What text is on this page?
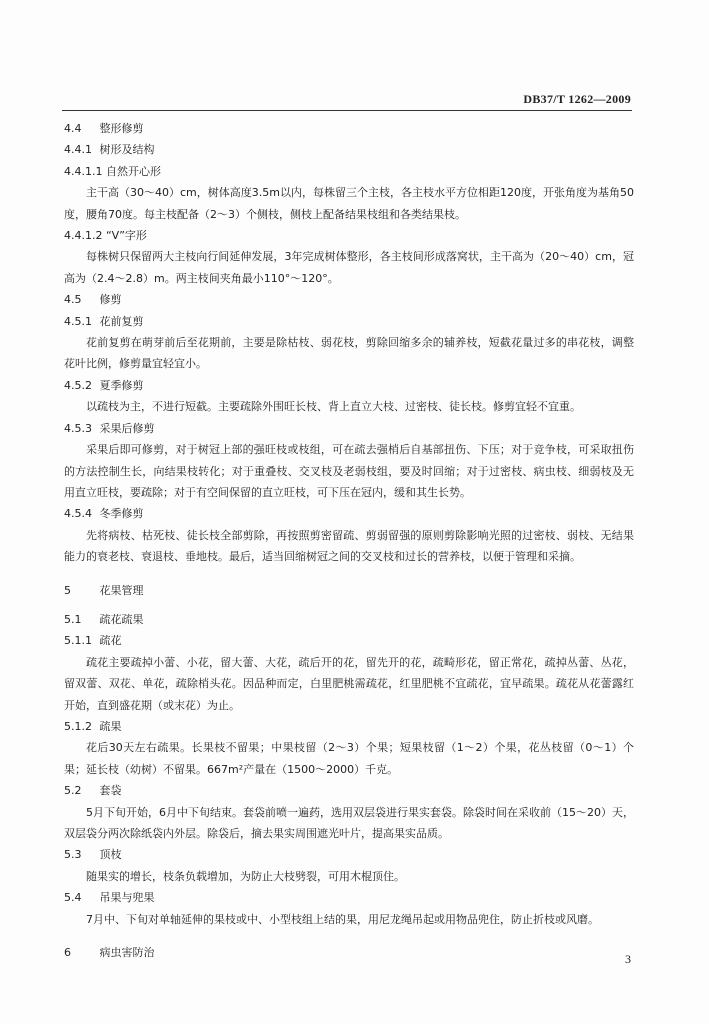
DB37/T 1262—2009
4.4 整形修剪
4.4.1 树形及结构
4.4.1.1 自然开心形
主干高（30～40）cm，树体高度3.5m以内，每株留三个主枝，各主枝水平方位相距120度，开张角度为基角50度，腰角70度。每主枝配备（2～3）个侧枝，侧枝上配备结果枝组和各类结果枝。
4.4.1.2 “V”字形
每株树只保留两大主枝向行间延伸发展，3年完成树体整形，各主枝间形成落窝状，主干高为（20～40）cm，冠高为（2.4～2.8）m。两主枝间夹角最小110°～120°。
4.5 修剪
4.5.1 花前复剪
花前复剪在萌芽前后至花期前，主要是除枯枝、弱花枝，剪除回缩多余的辅养枝，短截花量过多的串花枝，调整花叶比例，修剪量宜轻宜小。
4.5.2 夏季修剪
以疏枝为主，不进行短截。主要疏除外围旺长枝、背上直立大枝、过密枝、徒长枝。修剪宜轻不宜重。
4.5.3 采果后修剪
采果后即可修剪，对于树冠上部的强旺枝或枝组，可在疏去强梢后自基部扭伤、下压；对于竞争枝，可采取扭伤的方法控制生长，向结果枝转化；对于重叠枝、交叉枝及老弱枝组，要及时回缩；对于过密枝、病虫枝、细弱枝及无用直立旺枝，要疏除；对于有空间保留的直立旺枝，可下压在冠内，缓和其生长势。
4.5.4 冬季修剪
先将病枝、枯死枝、徒长枝全部剪除，再按照剪密留疏、剪弱留强的原则剪除影响光照的过密枝、弱枝、无结果能力的衰老枝、衰退枝、垂地枝。最后，适当回缩树冠之间的交叉枝和过长的营养枝，以便于管理和采摘。
5	花果管理
5.1 疏花疏果
5.1.1 疏花
疏花主要疏掉小蕾、小花，留大蕾、大花，疏后开的花，留先开的花，疏畸形花，留正常花，疏掉丛蕾、丛花，留双蕾、双花、单花，疏除梢头花。因品种而定，白里肥桃需疏花，红里肥桃不宜疏花，宜早疏果。疏花从花蕾露红开始，直到盛花期（或末花）为止。
5.1.2 疏果
花后30天左右疏果。长果枝不留果；中果枝留（2～3）个果；短果枝留（1～2）个果，花丛枝留（0～1）个果；延长枝（幼树）不留果。667m²产量在（1500～2000）千克。
5.2 套袋
5月下旬开始，6月中下旬结束。套袋前喷一遍药，选用双层袋进行果实套袋。除袋时间在采收前（15～20）天，双层袋分两次除纸袋内外层。除袋后，摘去果实周围遮光叶片，提高果实品质。
5.3 顶枝
随果实的增长，枝条负载增加，为防止大枝劈裂，可用木棍顶住。
5.4 吊果与兜果
7月中、下旬对单轴延伸的果枝或中、小型枝组上结的果，用尼龙绳吊起或用物品兜住，防止折枝或风磨。
6	病虫害防治	3
